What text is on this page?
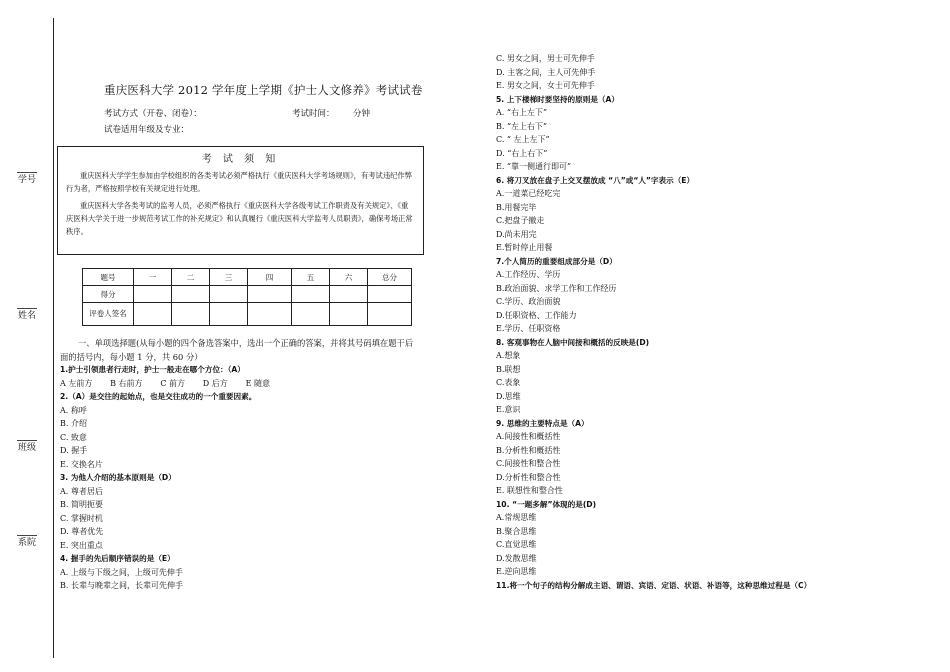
学号
姓名
班级
系院
重庆医科大学 2012 学年度上学期《护士人文修养》考试试卷
考试方式（开卷、闭卷）：	考试时间： 分钟
试卷适用年级及专业：
考 试 须 知

重庆医科大学学生参加由学校组织的各类考试必须严格执行《重庆医科大学考场规则》，有考试违纪作弊行为者，严格按照学校有关规定进行处理。

重庆医科大学各类考试的监考人员，必须严格执行《重庆医科大学各级考试工作职责及有关规定》、《重庆医科大学关于进一步规范考试工作的补充规定》和认真履行《重庆医科大学监考人员职责》，确保考场正常秩序。

题号	一	二	三	四	五	六	总分
得分							
评卷人签名							
一、单项选择题(从每小题的四个备选答案中，选出一个正确的答案，并将其号码填在题干后
面的括号内，每小题 1 分，共 60 分）
1.护士引领患者行走时，护士一般走在哪个方位：（A）
A 左前方       B 右前方       C 前方       D 后方       E 随意
2.（A）是交往的起始点，也是交往成功的一个重要因素。
A. 称呼
B. 介绍
C. 致意
D. 握手
E. 交换名片
3. 为他人介绍的基本原则是（D）
A. 尊者居后
B. 简明扼要
C. 掌握时机
D. 尊者优先
E. 突出重点
4. 握手的先后顺序错误的是（E）
A. 上级与下级之间，上级可先伸手
B. 长辈与晚辈之间，长辈可先伸手
C. 男女之间，男士可先伸手
D. 主客之间，主人可先伸手
E. 男女之间，女士可先伸手
5. 上下楼梯时要坚持的原则是（A）
A. “右上左下”
B. “左上右下”
C. “ 左上左下”
D. “右上右下”
E. “靠一侧通行即可”
6. 将刀叉放在盘子上交叉摆放成 “八”或“人”字表示（E）
A.一道菜已经吃完
B.用餐完毕
C.把盘子撤走
D.尚未用完
E.暂时停止用餐
7.个人简历的重要组成部分是（D）
A.工作经历、学历
B.政治面貌、求学工作和工作经历
C.学历、政治面貌
D.任职资格、工作能力
E.学历、任职资格
8. 客观事物在人脑中间接和概括的反映是(D)
A.想象
B.联想
C.表象
D.思维
E.意识
9. 思维的主要特点是（A）
A.间接性和概括性
B.分析性和概括性
C.间接性和整合性
D.分析性和整合性
E. 联想性和整合性
10. “一题多解”体现的是(D)
A.常规思维
B.聚合思维
C.直觉思维
D.发散思维
E.逆向思维
11.将一个句子的结构分解成主语、谓语、宾语、定语、状语、补语等，这种思维过程是（C）
